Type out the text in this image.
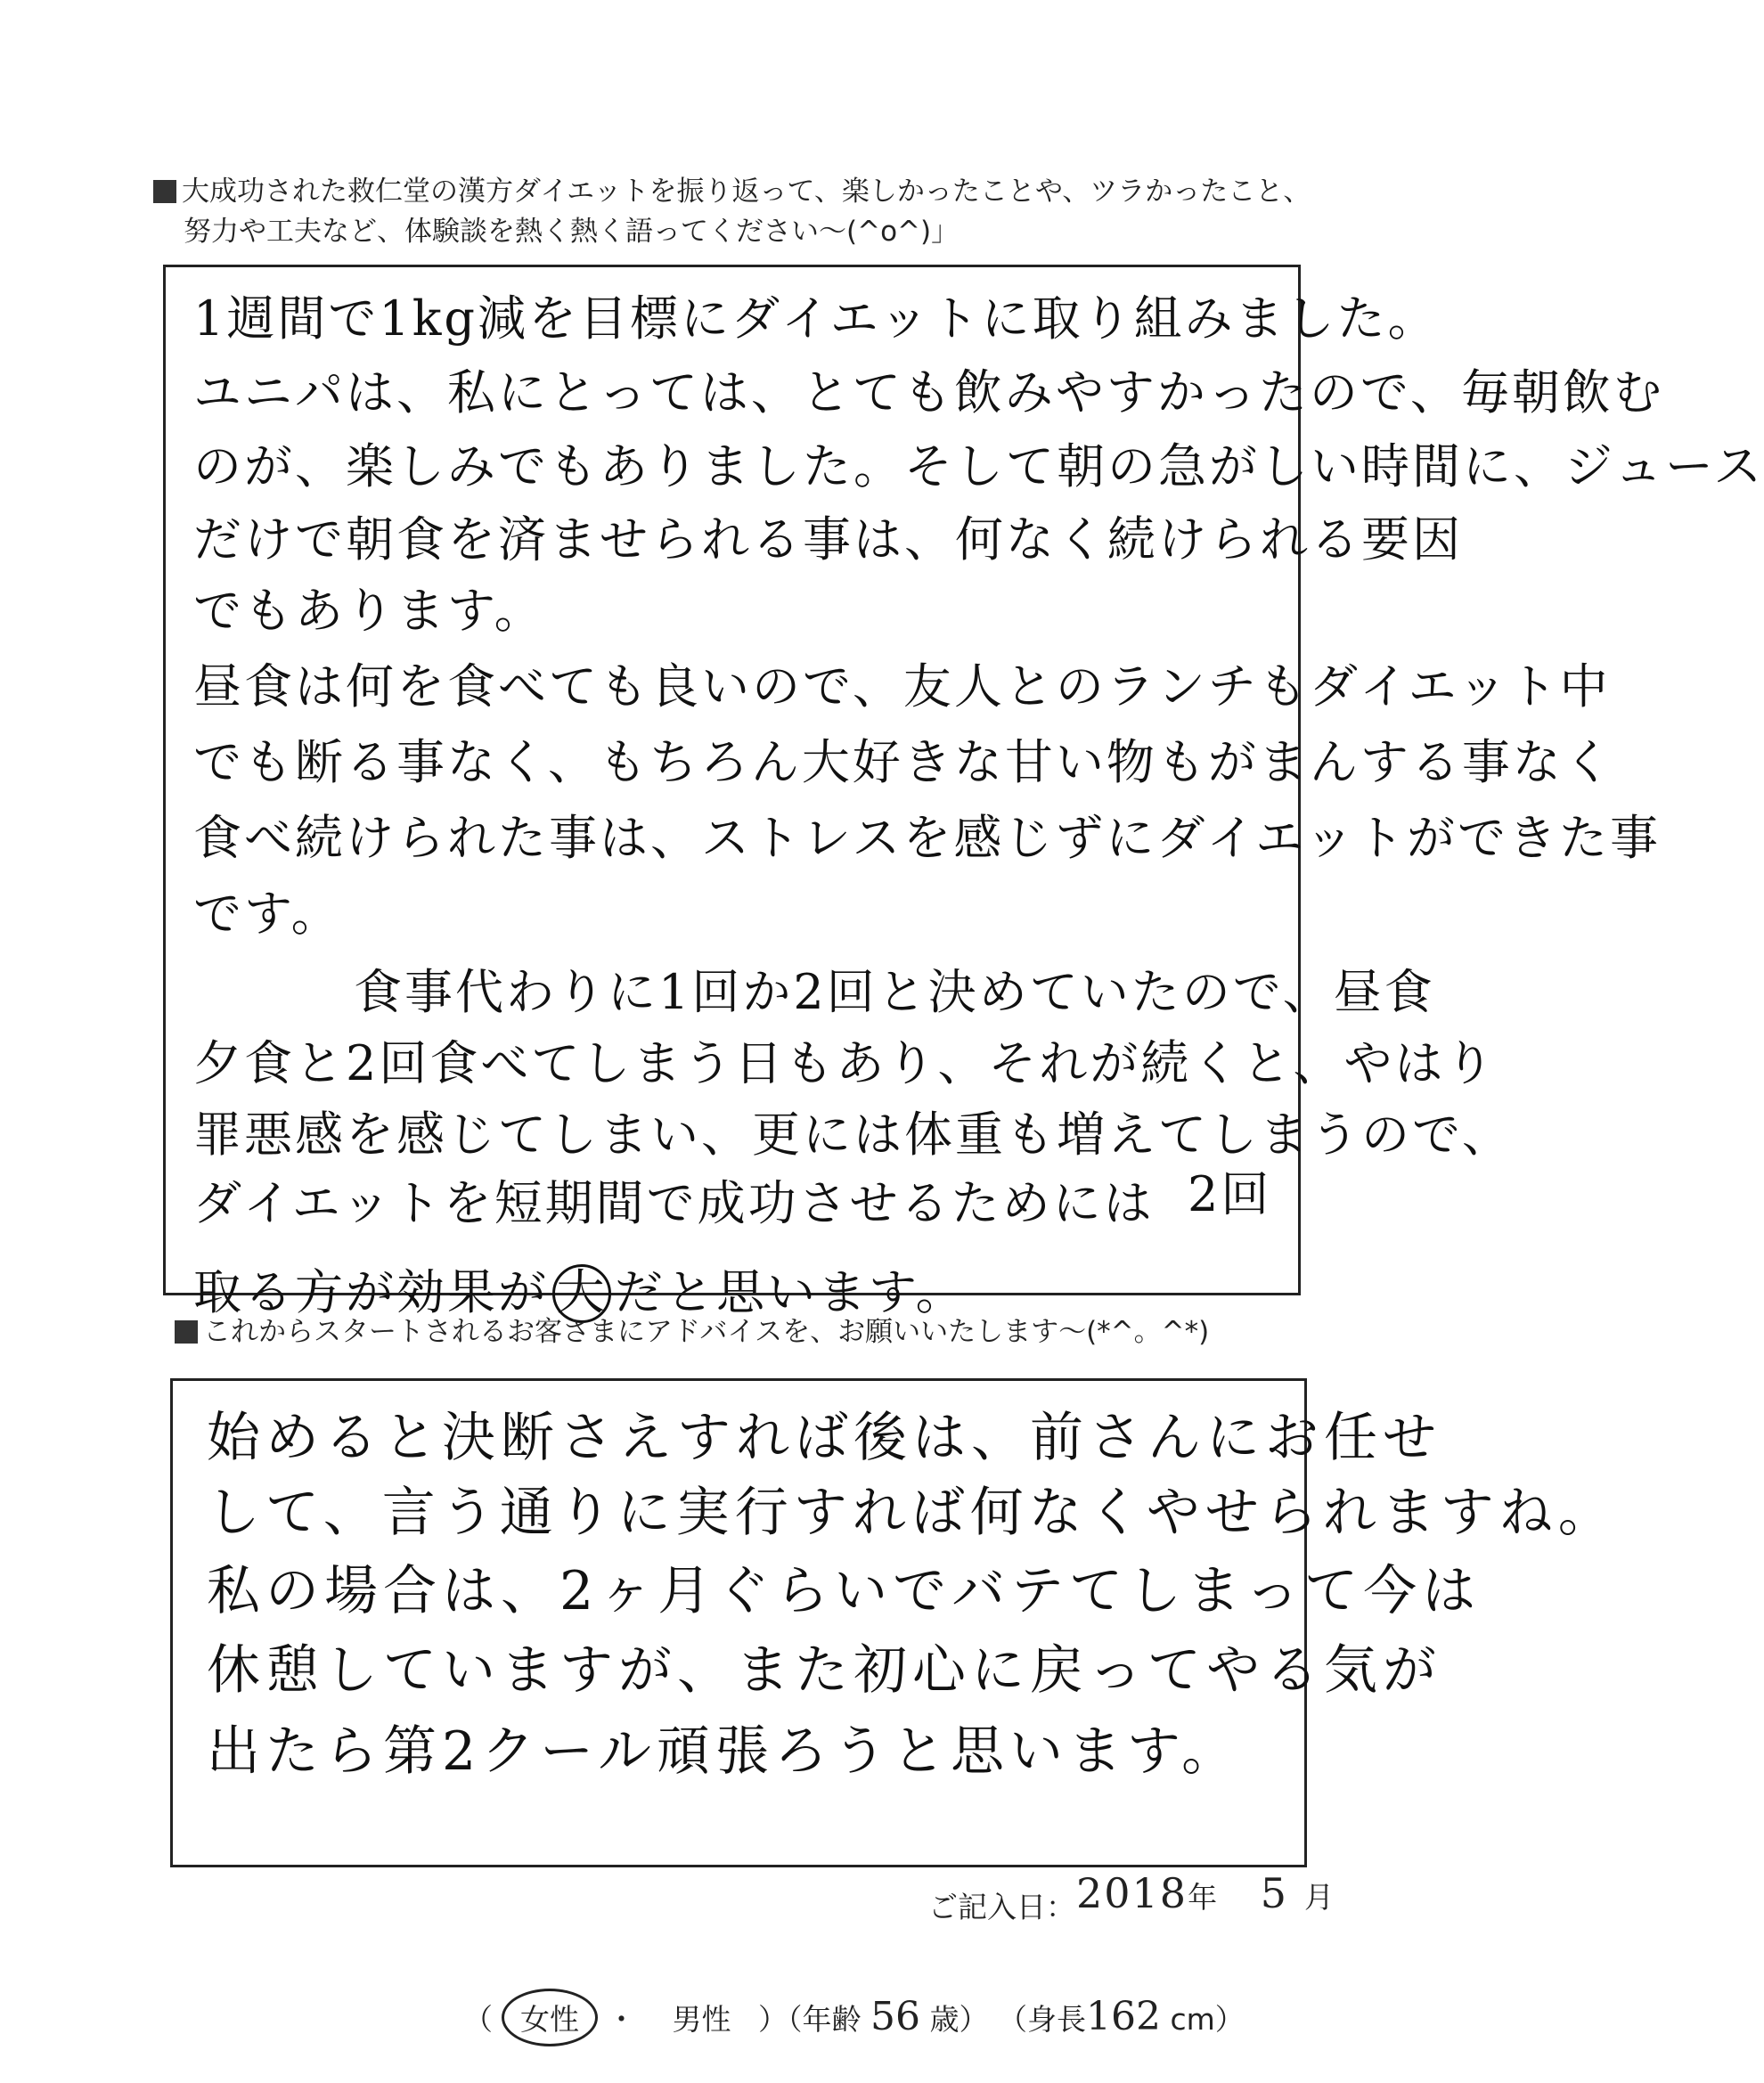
大成功された救仁堂の漢方ダイエットを振り返って、楽しかったことや、ツラかったこと、
努力や工夫など、体験談を熱く熱く語ってください〜(^o^)」
1週間で1kg減を目標にダイエットに取り組みました。
ユニパは、私にとっては、とても飲みやすかったので、毎朝飲む
のが、楽しみでもありました。そして朝の急がしい時間に、ジュース
だけで朝食を済ませられる事は、何なく続けられる要因
でもあります。
昼食は何を食べても良いので、友人とのランチもダイエット中
でも断る事なく、もちろん大好きな甘い物もがまんする事なく
食べ続けられた事は、ストレスを感じずにダイエットができた事
です。
食事代わりに1回か2回と決めていたので、昼食
夕食と2回食べてしまう日もあり、それが続くと、やはり
罪悪感を感じてしまい、更には体重も増えてしまうので、
ダイエットを短期間で成功させるためには 2回
取る方が効果が 大 だと思います。
これからスタートされるお客さまにアドバイスを、お願いいたします〜(*^。^*)
始めると決断さえすれば後は、前さんにお任せ
して、言う通りに実行すれば何なくやせられますね。
私の場合は、2ヶ月ぐらいでバテてしまって今は
休憩していますが、また初心に戻ってやる気が
出たら第2クール頑張ろうと思います。
ご記入日： 2018年 5 月
（ 女性 ・ 男性 ）（年齢 56 歳） （身長162 cm）
